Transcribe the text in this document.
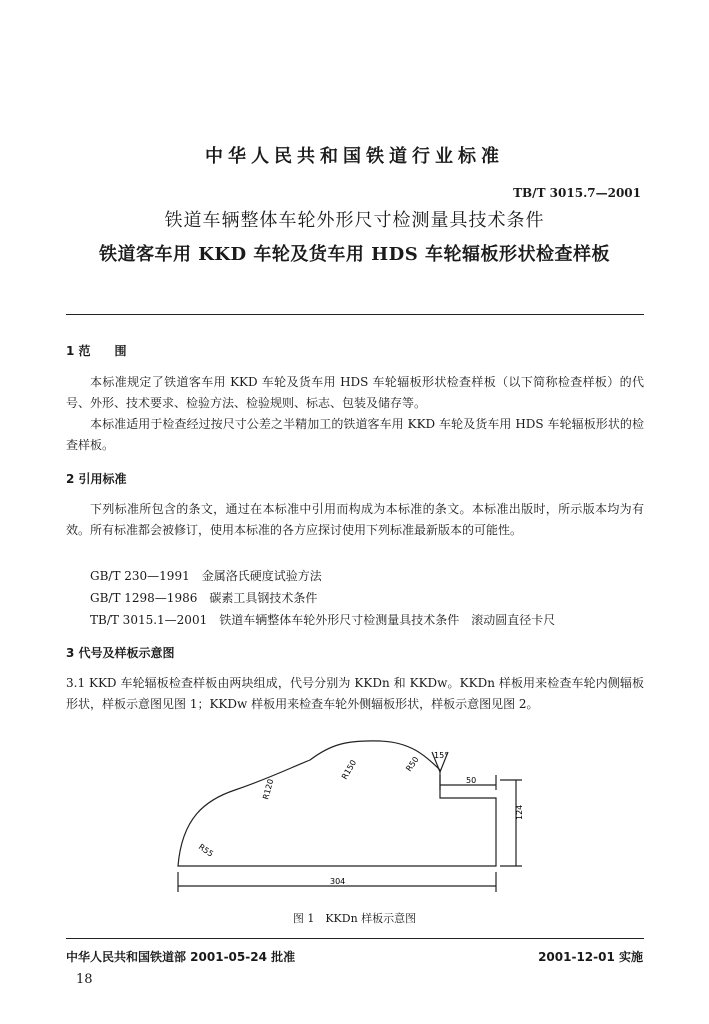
中华人民共和国铁道行业标准
TB/T 3015.7—2001
铁道车辆整体车轮外形尺寸检测量具技术条件
铁道客车用 KKD 车轮及货车用 HDS 车轮辐板形状检查样板
1 范　　围
本标准规定了铁道客车用 KKD 车轮及货车用 HDS 车轮辐板形状检查样板（以下简称检查样板）的代号、外形、技术要求、检验方法、检验规则、标志、包装及储存等。
本标准适用于检查经过按尺寸公差之半精加工的铁道客车用 KKD 车轮及货车用 HDS 车轮辐板形状的检查样板。
2 引用标准
下列标准所包含的条文，通过在本标准中引用而构成为本标准的条文。本标准出版时，所示版本均为有效。所有标准都会被修订，使用本标准的各方应探讨使用下列标准最新版本的可能性。
GB/T 230—1991　金属洛氏硬度试验方法
GB/T 1298—1986　碳素工具钢技术条件
TB/T 3015.1—2001　铁道车辆整体车轮外形尺寸检测量具技术条件　滚动圆直径卡尺
3 代号及样板示意图
3.1 KKD 车轮辐板检查样板由两块组成，代号分别为 KKDn 和 KKDw。KKDn 样板用来检查车轮内侧辐板形状，样板示意图见图 1；KKDw 样板用来检查车轮外侧辐板形状，样板示意图见图 2。
R120
R150	R50
R55
15°
50
124
304
图 1　KKDn 样板示意图
中华人民共和国铁道部 2001-05-24 批准	2001-12-01 实施
18
